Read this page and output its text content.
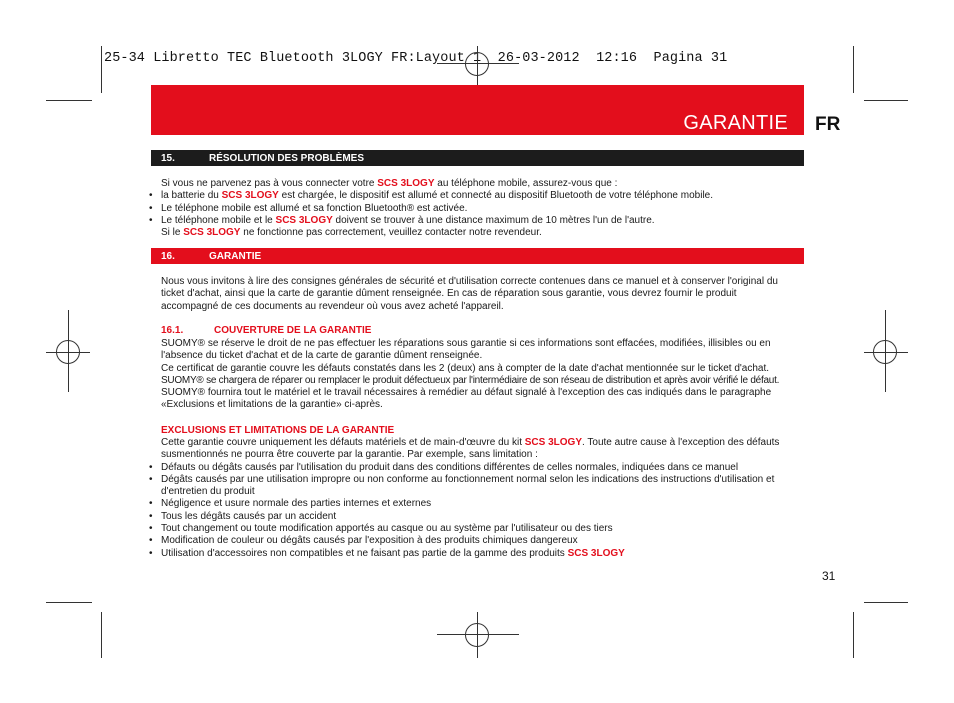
25-34 Libretto TEC Bluetooth 3LOGY FR:Layout 1  26-03-2012  12:16  Pagina 31
GARANTIE FR
15.	RÉSOLUTION DES PROBLÈMES

Si vous ne parvenez pas à vous connecter votre SCS 3LOGY au téléphone mobile, assurez-vous que :

• la batterie du SCS 3LOGY est chargée, le dispositif est allumé et connecté au dispositif Bluetooth de votre téléphone mobile.
• Le téléphone mobile est allumé et sa fonction Bluetooth® est activée.
• Le téléphone mobile et le SCS 3LOGY doivent se trouver à une distance maximum de 10 mètres l'un de l'autre.

Si le SCS 3LOGY ne fonctionne pas correctement, veuillez contacter notre revendeur.

16.	GARANTIE

Nous vous invitons à lire des consignes générales de sécurité et d'utilisation correcte contenues dans ce manuel et à conserver l'original du ticket d'achat, ainsi que la carte de garantie dûment renseignée. En cas de réparation sous garantie, vous devrez fournir le produit accompagné de ces documents au revendeur où vous avez acheté l'appareil.

16.1.	COUVERTURE DE LA GARANTIE

SUOMY® se réserve le droit de ne pas effectuer les réparations sous garantie si ces informations sont effacées, modifiées, illisibles ou en l'absence du ticket d'achat et de la carte de garantie dûment renseignée.

Ce certificat de garantie couvre les défauts constatés dans les 2 (deux) ans à compter de la date d'achat mentionnée sur le ticket d'achat.

SUOMY® se chargera de réparer ou remplacer le produit défectueux par l'intermédiaire de son réseau de distribution et après avoir vérifié le défaut.

SUOMY® fournira tout le matériel et le travail nécessaires à remédier au défaut signalé à l'exception des cas indiqués dans le paragraphe «Exclusions et limitations de la garantie» ci-après.

EXCLUSIONS ET LIMITATIONS DE LA GARANTIE

Cette garantie couvre uniquement les défauts matériels et de main-d'œuvre du kit SCS 3LOGY. Toute autre cause à l'exception des défauts susmentionnés ne pourra être couverte par la garantie. Par exemple, sans limitation :

• Défauts ou dégâts causés par l'utilisation du produit dans des conditions différentes de celles normales, indiquées dans ce manuel
• Dégâts causés par une utilisation impropre ou non conforme au fonctionnement normal selon les indications des instructions d'utilisation et d'entretien du produit
• Négligence et usure normale des parties internes et externes
• Tous les dégâts causés par un accident
• Tout changement ou toute modification apportés au casque ou au système par l'utilisateur ou des tiers
• Modification de couleur ou dégâts causés par l'exposition à des produits chimiques dangereux
• Utilisation d'accessoires non compatibles et ne faisant pas partie de la gamme des produits SCS 3LOGY
31
